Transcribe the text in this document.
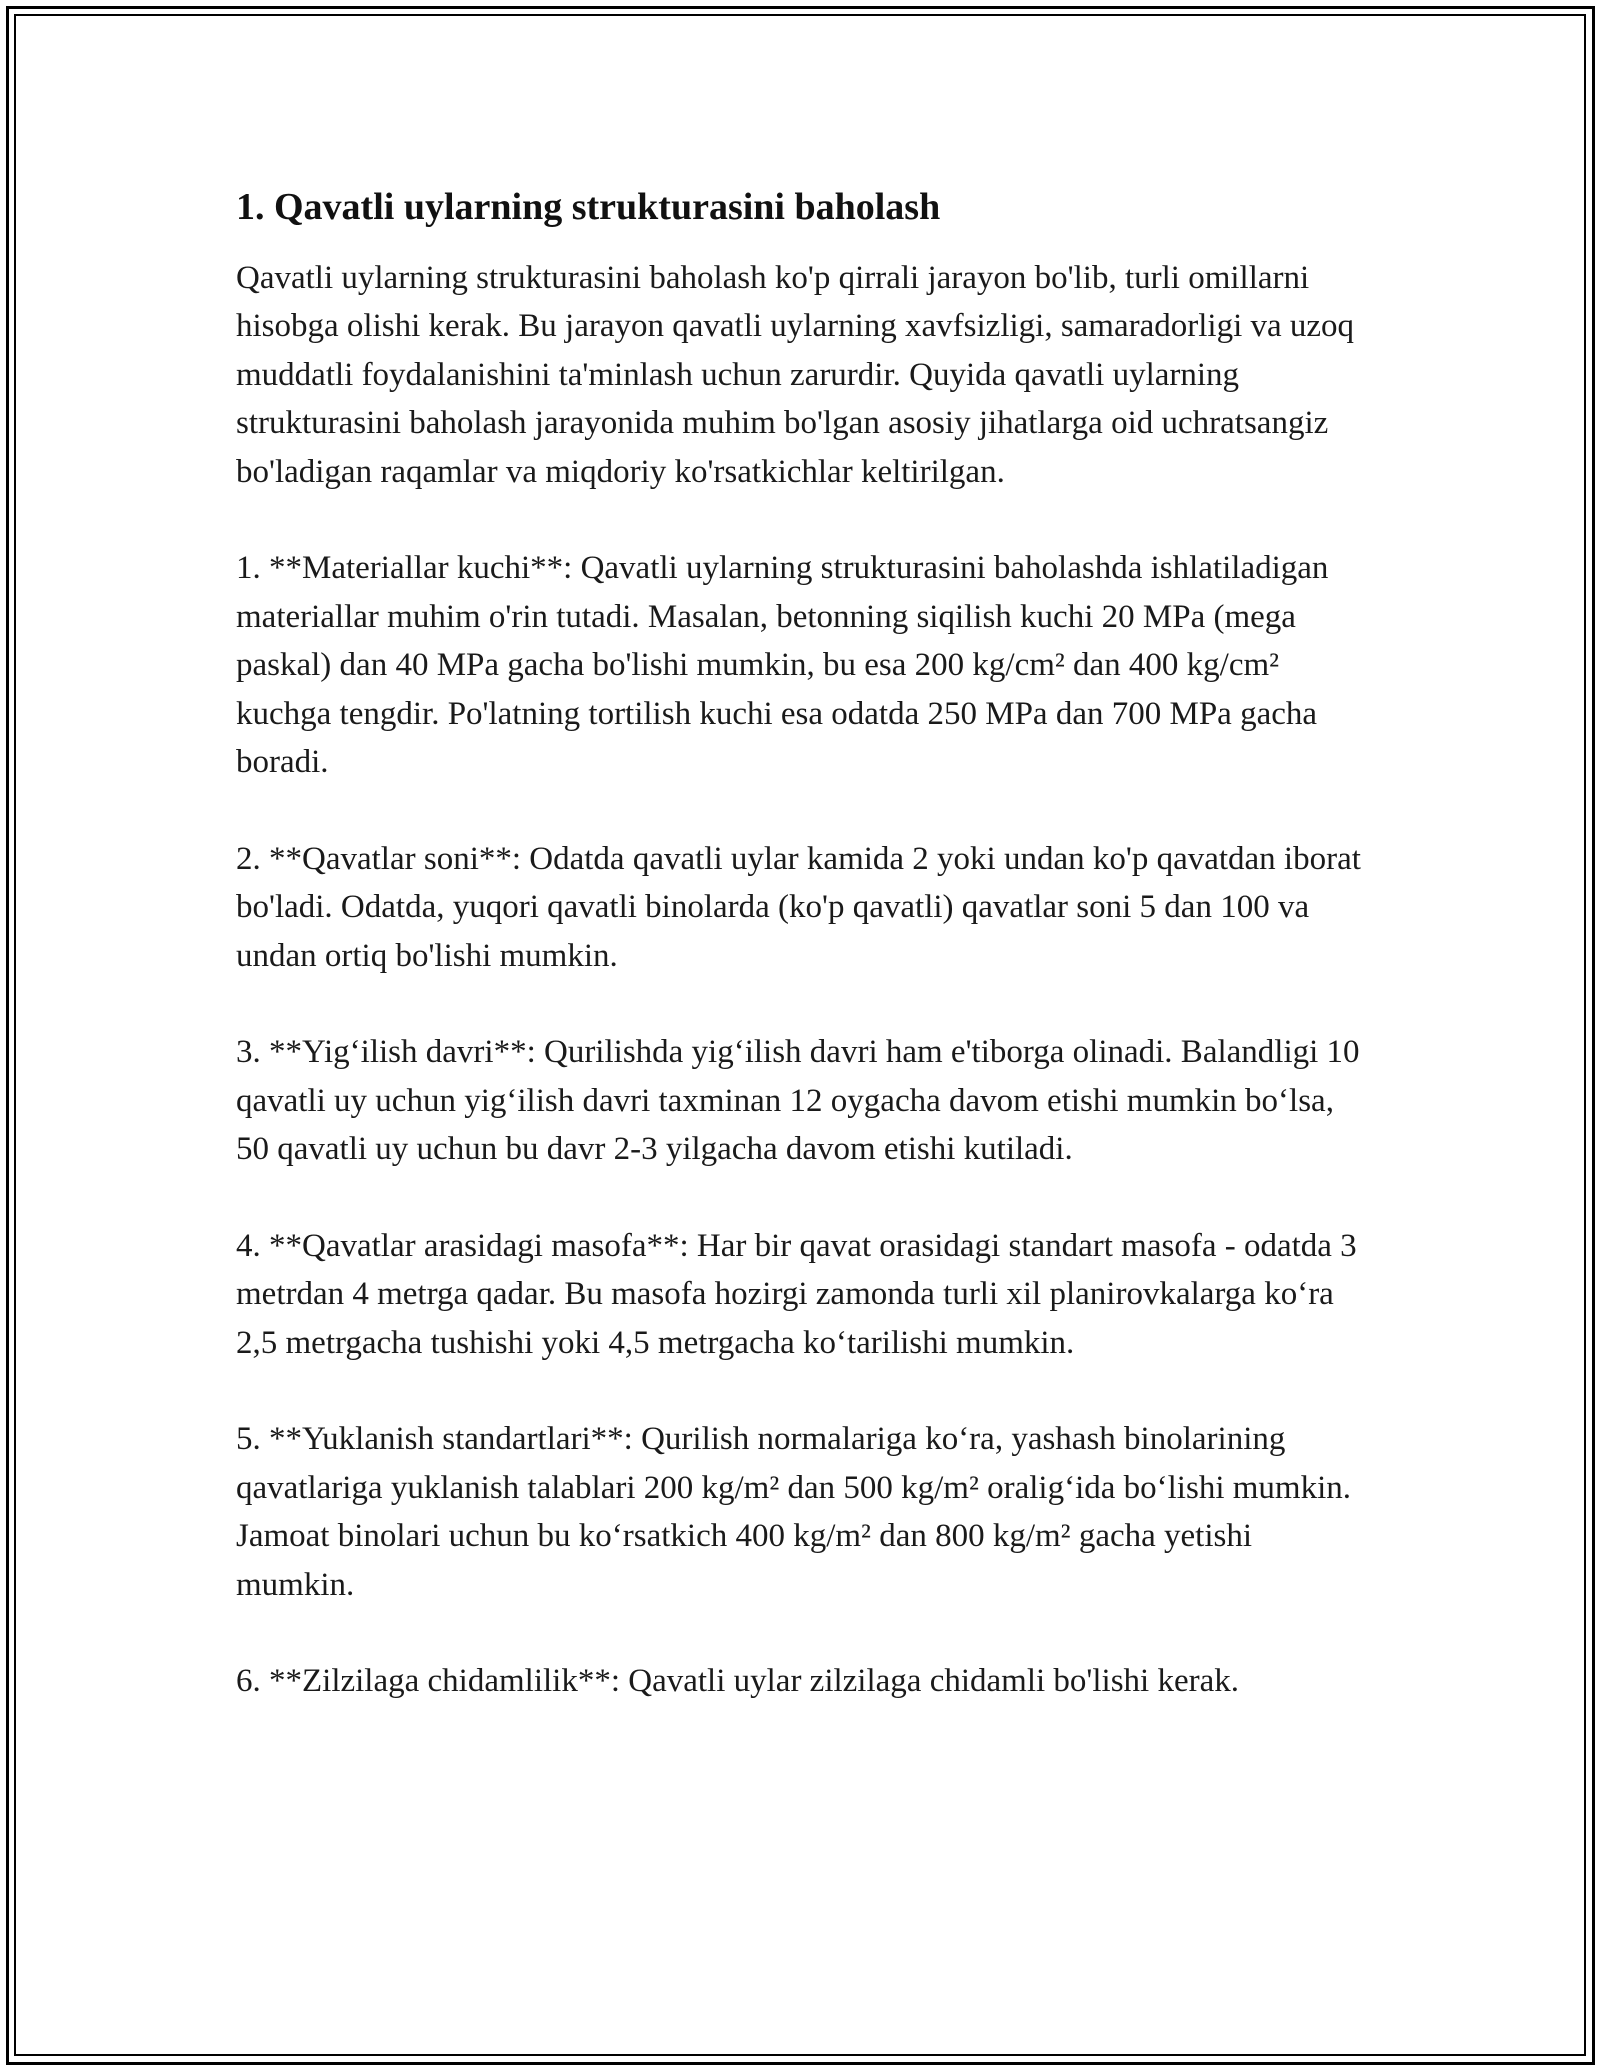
1. Qavatli uylarning strukturasini baholash

Qavatli uylarning strukturasini baholash ko'p qirrali jarayon bo'lib, turli omillarni hisobga olishi kerak. Bu jarayon qavatli uylarning xavfsizligi, samaradorligi va uzoq muddatli foydalanishini ta'minlash uchun zarurdir. Quyida qavatli uylarning strukturasini baholash jarayonida muhim bo'lgan asosiy jihatlarga oid uchratsangiz bo'ladigan raqamlar va miqdoriy ko'rsatkichlar keltirilgan.

1. **Materiallar kuchi**: Qavatli uylarning strukturasini baholashda ishlatiladigan materiallar muhim o'rin tutadi. Masalan, betonning siqilish kuchi 20 MPa (mega paskal) dan 40 MPa gacha bo'lishi mumkin, bu esa 200 kg/cm² dan 400 kg/cm² kuchga tengdir. Po'latning tortilish kuchi esa odatda 250 MPa dan 700 MPa gacha boradi.

2. **Qavatlar soni**: Odatda qavatli uylar kamida 2 yoki undan ko'p qavatdan iborat bo'ladi. Odatda, yuqori qavatli binolarda (ko'p qavatli) qavatlar soni 5 dan 100 va undan ortiq bo'lishi mumkin.

3. **Yig‘ilish davri**: Qurilishda yig‘ilish davri ham e'tiborga olinadi. Balandligi 10 qavatli uy uchun yig‘ilish davri taxminan 12 oygacha davom etishi mumkin bo‘lsa, 50 qavatli uy uchun bu davr 2-3 yilgacha davom etishi kutiladi.

4. **Qavatlar arasidagi masofa**: Har bir qavat orasidagi standart masofa - odatda 3 metrdan 4 metrga qadar. Bu masofa hozirgi zamonda turli xil planirovkalarga ko‘ra 2,5 metrgacha tushishi yoki 4,5 metrgacha ko‘tarilishi mumkin.

5. **Yuklanish standartlari**: Qurilish normalariga ko‘ra, yashash binolarining qavatlariga yuklanish talablari 200 kg/m² dan 500 kg/m² oralig‘ida bo‘lishi mumkin. Jamoat binolari uchun bu ko‘rsatkich 400 kg/m² dan 800 kg/m² gacha yetishi mumkin.

6. **Zilzilaga chidamlilik**: Qavatli uylar zilzilaga chidamli bo'lishi kerak.
